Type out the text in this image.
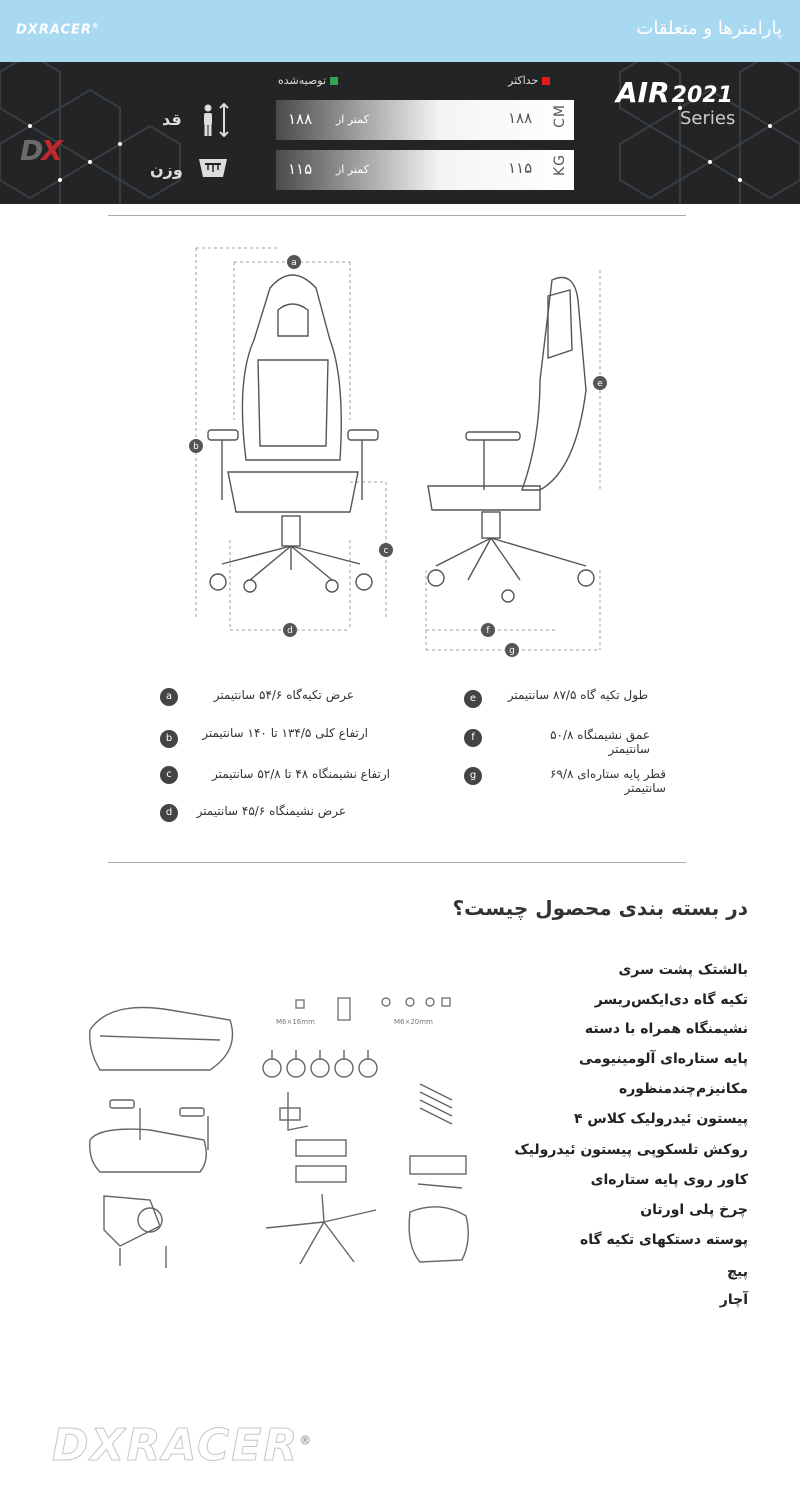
DXRACER®	پارامترها و متعلقات
حداکثر
توصیه‌شده
۱۸۸ کمتر از	۱۸۸ CM
قد
۱۱۵ کمتر از	۱۱۵ KG
وزن
DX
AIR2021
Series
a
b
c
d
e
f
g
a	عرض تکیه‌گاه ۵۴/۶ سانتیمتر
b	ارتفاع کلی ۱۳۴/۵ تا ۱۴۰ سانتیمتر
c	ارتفاع نشیمنگاه ۴۸ تا ۵۲/۸ سانتیمتر
d	عرض نشیمنگاه ۴۵/۶ سانتیمتر
e	طول تکیه گاه ۸۷/۵ سانتیمتر
f	عمق نشیمنگاه ۵۰/۸ سانتیمتر
g	قطر پایه ستاره‌ای ۶۹/۸ سانتیمتر
در بسته بندی محصول چیست؟
بالشتک پشت سری
تکیه گاه دی‌ایکس‌ریسر
نشیمنگاه همراه با دسته
پایه ستاره‌ای آلومینیومی
مکانیزم‌چندمنظوره
پیستون ئیدرولیک کلاس ۴
روکش تلسکوپی پیستون ئیدرولیک
کاور روی پایه ستاره‌ای
چرخ پلی اورتان
پوسته دستکهای تکیه گاه
پیچ
آچار
M6×16mm	M6×20mm
DXRACER®
